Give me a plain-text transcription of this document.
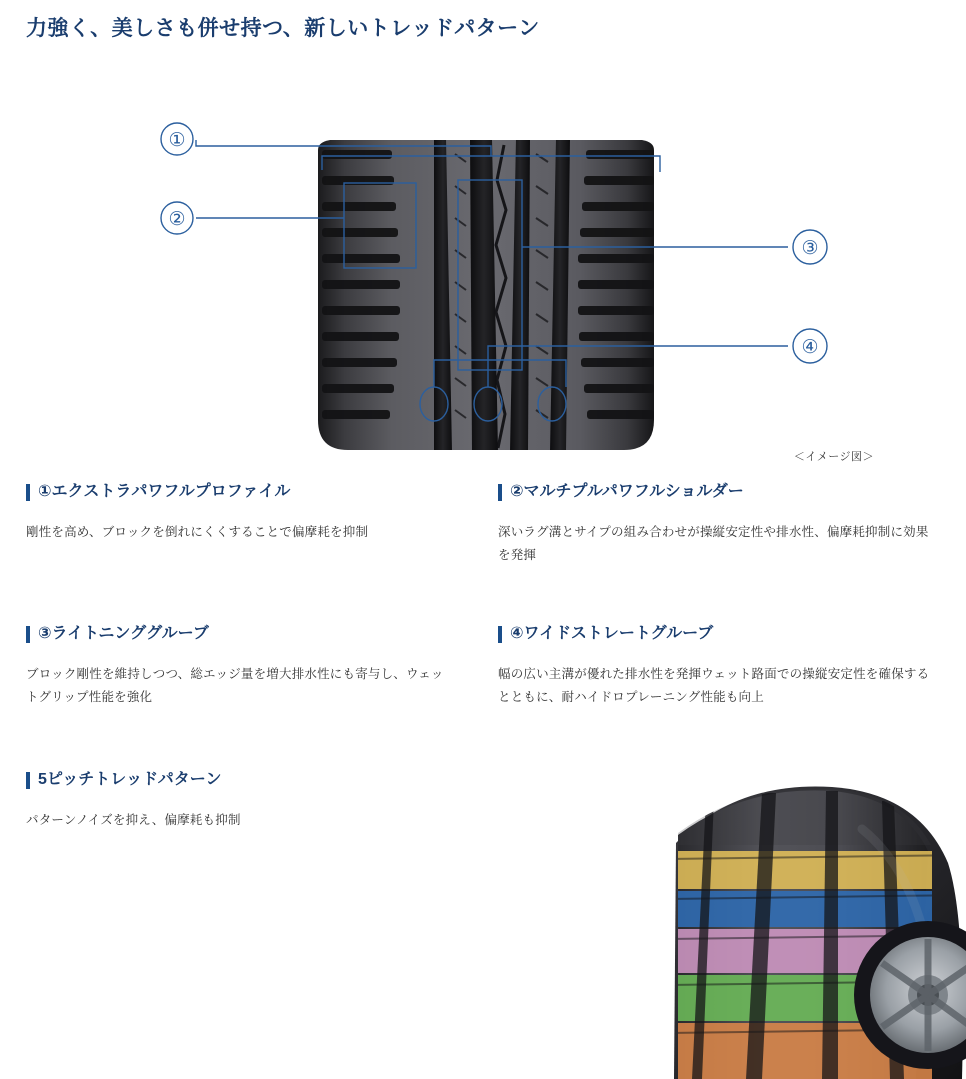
力強く、美しさも併せ持つ、新しいトレッドパターン
①
②
③
④
＜イメージ図＞
①エクストラパワフルプロファイル
剛性を高め、ブロックを倒れにくくすることで偏摩耗を抑制
②マルチプルパワフルショルダー
深いラグ溝とサイプの組み合わせが操縦安定性や排水性、偏摩耗抑制に効果を発揮
③ライトニンググルーブ
ブロック剛性を維持しつつ、総エッジ量を増大排水性にも寄与し、ウェットグリップ性能を強化
④ワイドストレートグルーブ
幅の広い主溝が優れた排水性を発揮ウェット路面での操縦安定性を確保するとともに、耐ハイドロプレーニング性能も向上
5ピッチトレッドパターン
パターンノイズを抑え、偏摩耗も抑制
